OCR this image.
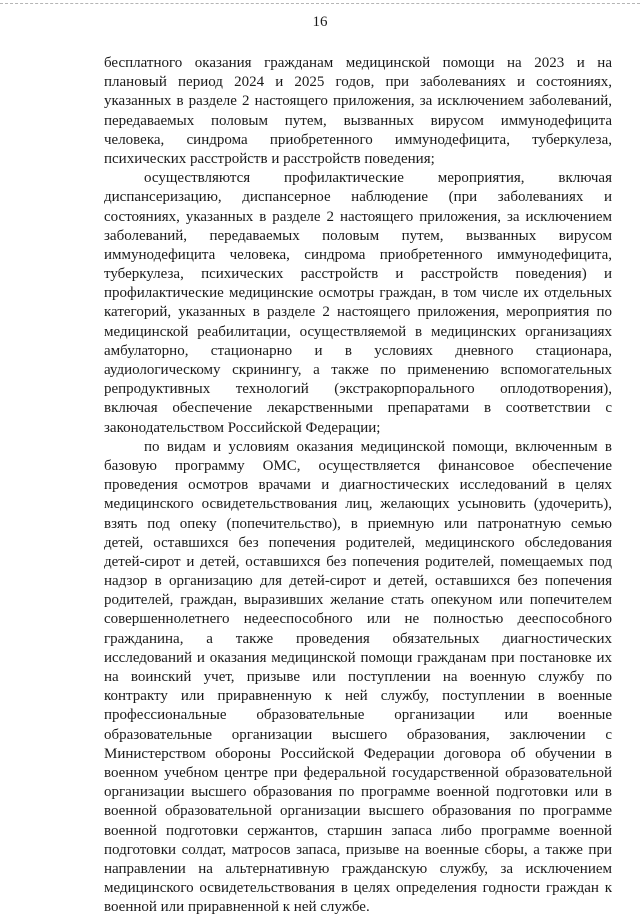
16
бесплатного оказания гражданам медицинской помощи на 2023 и на
плановый период 2024 и 2025 годов, при заболеваниях и состояниях,
указанных в разделе 2 настоящего приложения, за исключением заболеваний,
передаваемых половым путем, вызванных вирусом иммунодефицита
человека, синдрома приобретенного иммунодефицита, туберкулеза,
психических расстройств и расстройств поведения;
осуществляются профилактические мероприятия, включая
диспансеризацию, диспансерное наблюдение (при заболеваниях и
состояниях, указанных в разделе 2 настоящего приложения, за исключением
заболеваний, передаваемых половым путем, вызванных вирусом
иммунодефицита человека, синдрома приобретенного иммунодефицита,
туберкулеза, психических расстройств и расстройств поведения) и
профилактические медицинские осмотры граждан, в том числе их отдельных
категорий, указанных в разделе 2 настоящего приложения, мероприятия по
медицинской реабилитации, осуществляемой в медицинских организациях
амбулаторно, стационарно и в условиях дневного стационара,
аудиологическому скринингу, а также по применению вспомогательных
репродуктивных технологий (экстракорпорального оплодотворения),
включая обеспечение лекарственными препаратами в соответствии с
законодательством Российской Федерации;
по видам и условиям оказания медицинской помощи, включенным в
базовую программу ОМС, осуществляется финансовое обеспечение
проведения осмотров врачами и диагностических исследований в целях
медицинского освидетельствования лиц, желающих усыновить (удочерить),
взять под опеку (попечительство), в приемную или патронатную семью
детей, оставшихся без попечения родителей, медицинского обследования
детей-сирот и детей, оставшихся без попечения родителей, помещаемых под
надзор в организацию для детей-сирот и детей, оставшихся без попечения
родителей, граждан, выразивших желание стать опекуном или попечителем
совершеннолетнего недееспособного или не полностью дееспособного
гражданина, а также проведения обязательных диагностических
исследований и оказания медицинской помощи гражданам при постановке их
на воинский учет, призыве или поступлении на военную службу по
контракту или приравненную к ней службу, поступлении в военные
профессиональные образовательные организации или военные
образовательные организации высшего образования, заключении с
Министерством обороны Российской Федерации договора об обучении в
военном учебном центре при федеральной государственной образовательной
организации высшего образования по программе военной подготовки или в
военной образовательной организации высшего образования по программе
военной подготовки сержантов, старшин запаса либо программе военной
подготовки солдат, матросов запаса, призыве на военные сборы, а также при
направлении на альтернативную гражданскую службу, за исключением
медицинского освидетельствования в целях определения годности граждан к
военной или приравненной к ней службе.
